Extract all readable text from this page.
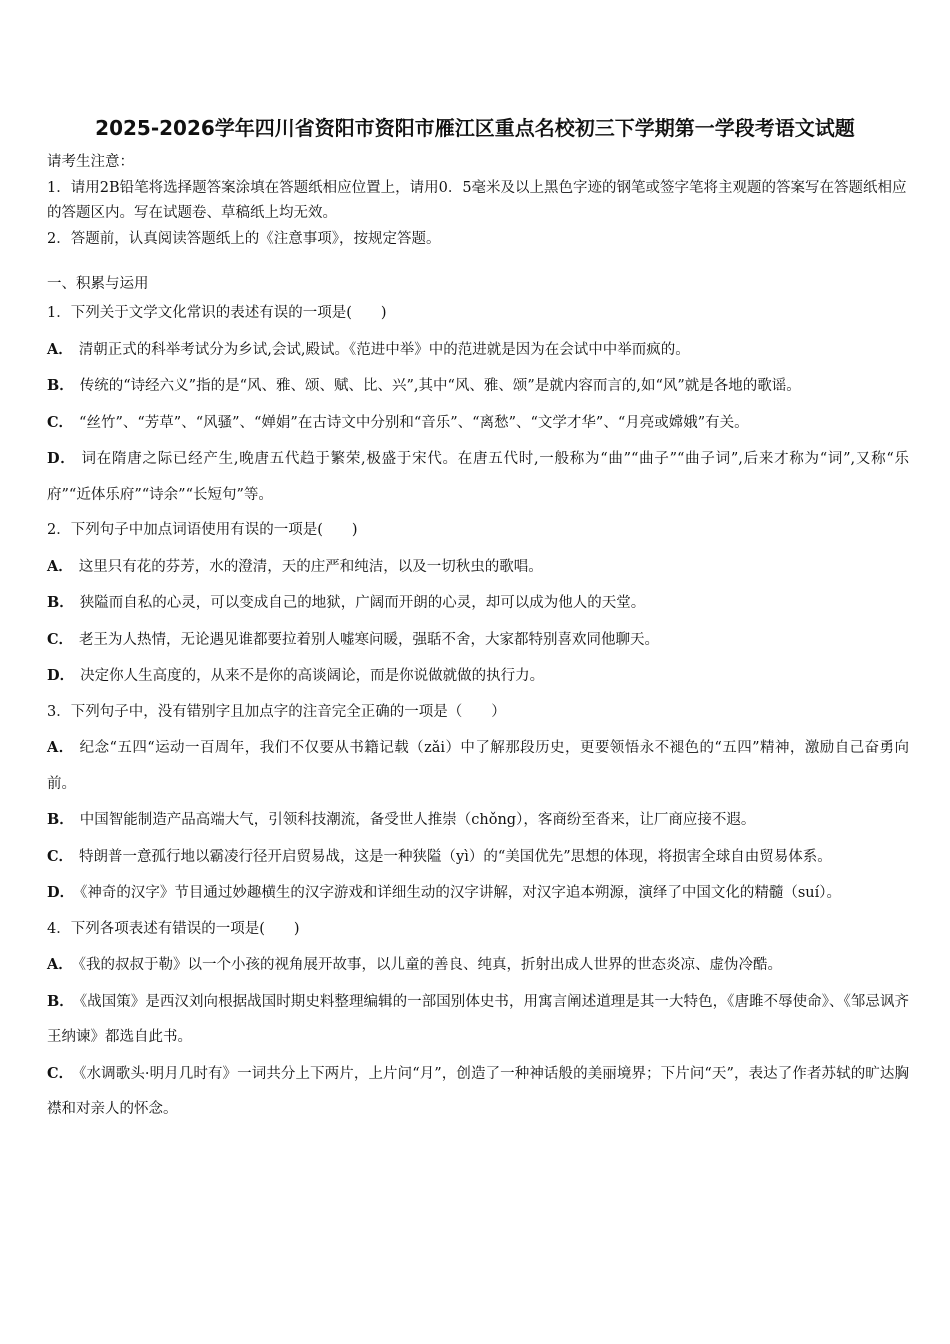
2025-2026学年四川省资阳市资阳市雁江区重点名校初三下学期第一学段考语文试题

请考生注意：

1．请用2B铅笔将选择题答案涂填在答题纸相应位置上，请用0．5毫米及以上黑色字迹的钢笔或签字笔将主观题的答案写在答题纸相应的答题区内。写在试题卷、草稿纸上均无效。

2．答题前，认真阅读答题纸上的《注意事项》，按规定答题。

一、积累与运用

1．下列关于文学文化常识的表述有误的一项是(　　)

A． 清朝正式的科举考试分为乡试,会试,殿试。《范进中举》中的范进就是因为在会试中中举而疯的。

B． 传统的“诗经六义”指的是“风、雅、颂、赋、比、兴”,其中“风、雅、颂”是就内容而言的,如“风”就是各地的歌谣。

C． “丝竹”、“芳草”、“风骚”、“婵娟”在古诗文中分别和“音乐”、“离愁”、“文学才华”、“月亮或嫦娥”有关。

D． 词在隋唐之际已经产生,晚唐五代趋于繁荣,极盛于宋代。在唐五代时,一般称为“曲”“曲子”“曲子词”,后来才称为“词”,又称“乐府”“近体乐府”“诗余”“长短句”等。

2．下列句子中加点词语使用有误的一项是(　　)

A． 这里只有花的芬芳，水的澄清，天的庄严和纯洁，以及一切秋虫的歌唱。

B． 狭隘而自私的心灵，可以变成自己的地狱，广阔而开朗的心灵，却可以成为他人的天堂。

C． 老王为人热情，无论遇见谁都要拉着别人嘘寒问暖，强聒不舍，大家都特别喜欢同他聊天。

D． 决定你人生高度的，从来不是你的高谈阔论，而是你说做就做的执行力。

3．下列句子中，没有错别字且加点字的注音完全正确的一项是（　　）

A． 纪念“五四“运动一百周年，我们不仅要从书籍记载（zǎi）中了解那段历史，更要领悟永不褪色的“五四”精神，激励自己奋勇向前。

B． 中国智能制造产品高端大气，引领科技潮流，备受世人推崇（chǒng），客商纷至沓来，让厂商应接不遐。

C． 特朗普一意孤行地以霸凌行径开启贸易战，这是一种狭隘（yì）的“美国优先”思想的体现，将损害全球自由贸易体系。

D． 《神奇的汉字》节目通过妙趣横生的汉字游戏和详细生动的汉字讲解，对汉字追本朔源，演绎了中国文化的精髓（suí）。

4．下列各项表述有错误的一项是(　　)

A． 《我的叔叔于勒》以一个小孩的视角展开故事，以儿童的善良、纯真，折射出成人世界的世态炎凉、虚伪冷酷。

B． 《战国策》是西汉刘向根据战国时期史料整理编辑的一部国别体史书，用寓言阐述道理是其一大特色，《唐雎不辱使命》、《邹忌讽齐王纳谏》都选自此书。

C． 《水调歌头·明月几时有》一词共分上下两片，上片问“月”，创造了一种神话般的美丽境界；下片问“天”，表达了作者苏轼的旷达胸襟和对亲人的怀念。
